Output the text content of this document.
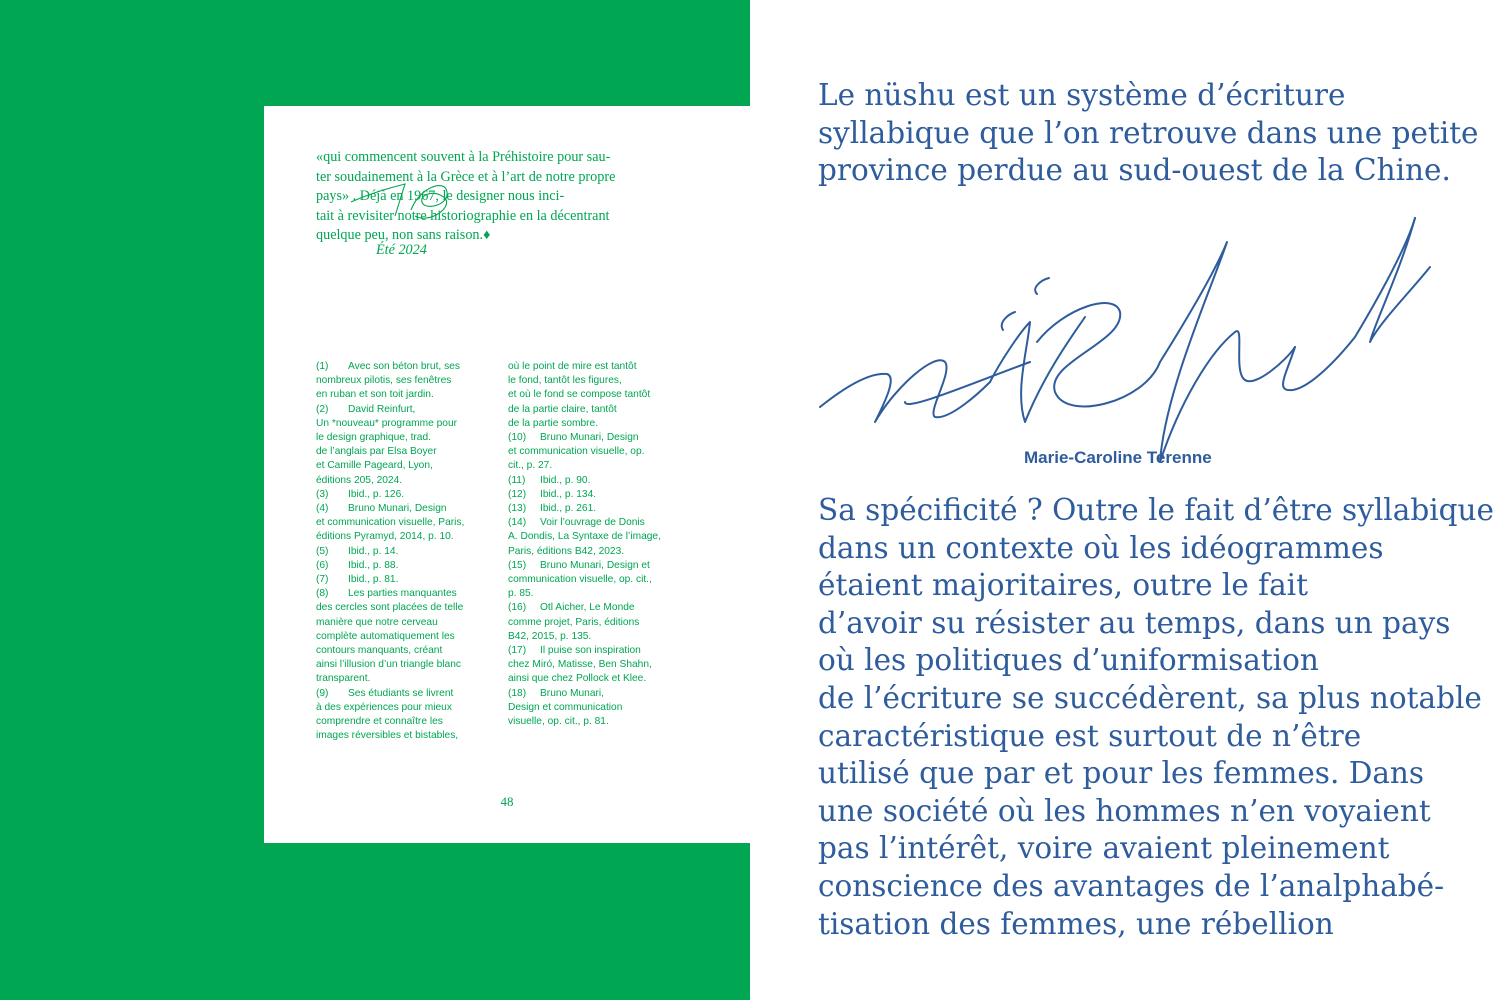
«qui commencent souvent à la Préhistoire pour sau-

ter soudainement à la Grèce et à l’art de notre propre

pays» . Déjà en 1967, le designer nous inci-

tait à revisiter notre historiographie en la décentrant

quelque peu, non sans raison.♦

Été 2024
(1) Avec son béton brut, ses
nombreux pilotis, ses fenêtres
en ruban et son toit jardin.
(2) David Reinfurt,
Un *nouveau* programme pour
le design graphique, trad.
de l’anglais par Elsa Boyer
et Camille Pageard, Lyon,
éditions 205, 2024.
(3) Ibid., p. 126.
(4) Bruno Munari, Design
et communication visuelle, Paris,
éditions Pyramyd, 2014, p. 10.
(5) Ibid., p. 14.
(6) Ibid., p. 88.
(7) Ibid., p. 81.
(8) Les parties manquantes
des cercles sont placées de telle
manière que notre cerveau
complète automatiquement les
contours manquants, créant
ainsi l’illusion d’un triangle blanc
transparent.
(9) Ses étudiants se livrent
à des expériences pour mieux
comprendre et connaître les
images réversibles et bistables,
où le point de mire est tantôt
le fond, tantôt les figures,
et où le fond se compose tantôt
de la partie claire, tantôt
de la partie sombre.
(10) Bruno Munari, Design
et communication visuelle, op.
cit., p. 27.
(11) Ibid., p. 90.
(12) Ibid., p. 134.
(13) Ibid., p. 261.
(14) Voir l’ouvrage de Donis
A. Dondis, La Syntaxe de l’image,
Paris, éditions B42, 2023.
(15) Bruno Munari, Design et
communication visuelle, op. cit.,
p. 85.
(16) Otl Aicher, Le Monde
comme projet, Paris, éditions
B42, 2015, p. 135.
(17) Il puise son inspiration
chez Miró, Matisse, Ben Shahn,
ainsi que chez Pollock et Klee.
(18) Bruno Munari,
Design et communication
visuelle, op. cit., p. 81.
48
Le nüshu est un système d’écriture
syllabique que l’on retrouve dans une petite
province perdue au sud-ouest de la Chine.
Marie-Caroline Terenne
Sa spécificité ? Outre le fait d’être syllabique
dans un contexte où les idéogrammes
étaient majoritaires, outre le fait
d’avoir su résister au temps, dans un pays
où les politiques d’uniformisation
de l’écriture se succédèrent, sa plus notable
caractéristique est surtout de n’être
utilisé que par et pour les femmes. Dans
une société où les hommes n’en voyaient
pas l’intérêt, voire avaient pleinement
conscience des avantages de l’analphabé-
tisation des femmes, une rébellion
